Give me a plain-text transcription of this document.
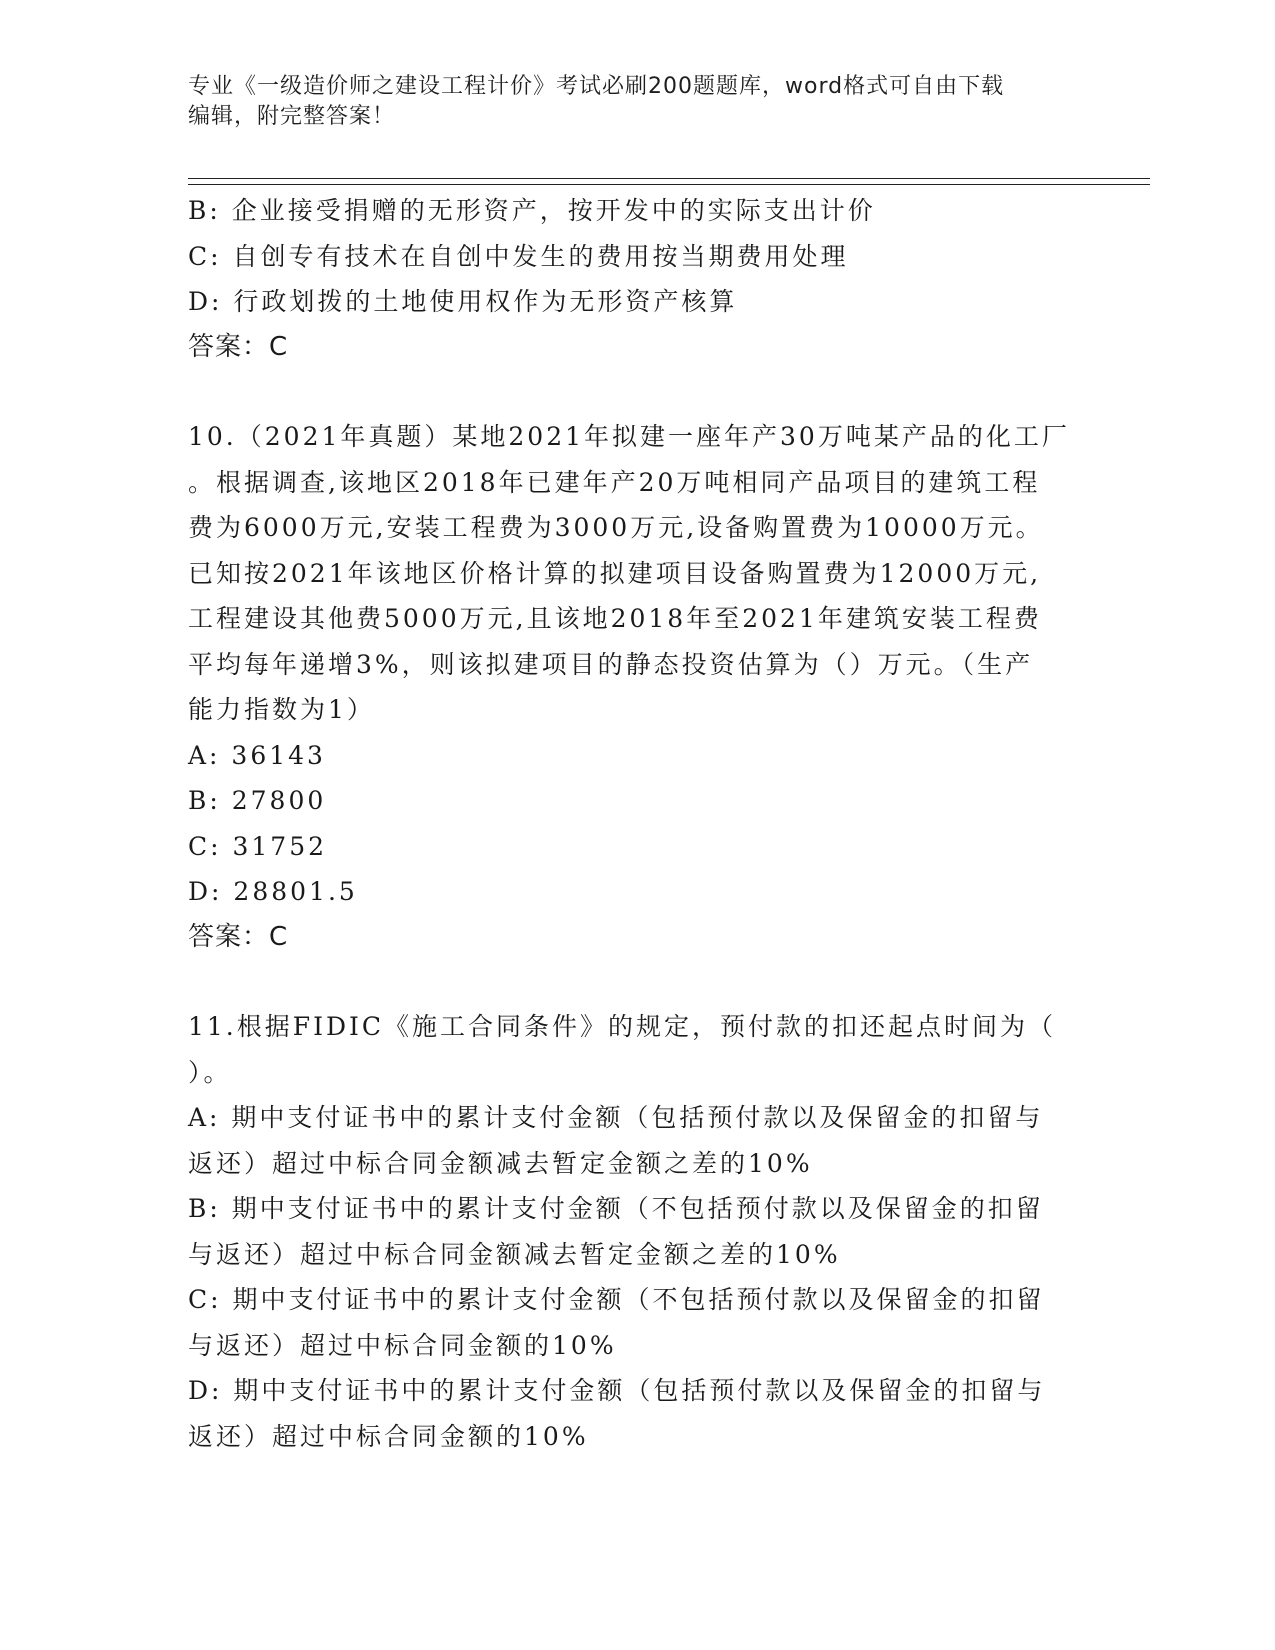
专业《一级造价师之建设工程计价》考试必刷200题题库，word格式可自由下载
编辑，附完整答案！
B: 企业接受捐赠的无形资产，按开发中的实际支出计价
C: 自创专有技术在自创中发生的费用按当期费用处理
D: 行政划拨的土地使用权作为无形资产核算
答案：C
10.（2021年真题）某地2021年拟建一座年产30万吨某产品的化工厂
。根据调查,该地区2018年已建年产20万吨相同产品项目的建筑工程
费为6000万元,安装工程费为3000万元,设备购置费为10000万元。
已知按2021年该地区价格计算的拟建项目设备购置费为12000万元,
工程建设其他费5000万元,且该地2018年至2021年建筑安装工程费
平均每年递增3%，则该拟建项目的静态投资估算为（）万元。（生产
能力指数为1）
A: 36143
B: 27800
C: 31752
D: 28801.5
答案：C
11.根据FIDIC《施工合同条件》的规定，预付款的扣还起点时间为（
）。
A: 期中支付证书中的累计支付金额（包括预付款以及保留金的扣留与
返还）超过中标合同金额减去暂定金额之差的10%
B: 期中支付证书中的累计支付金额（不包括预付款以及保留金的扣留
与返还）超过中标合同金额减去暂定金额之差的10%
C: 期中支付证书中的累计支付金额（不包括预付款以及保留金的扣留
与返还）超过中标合同金额的10%
D: 期中支付证书中的累计支付金额（包括预付款以及保留金的扣留与
返还）超过中标合同金额的10%
